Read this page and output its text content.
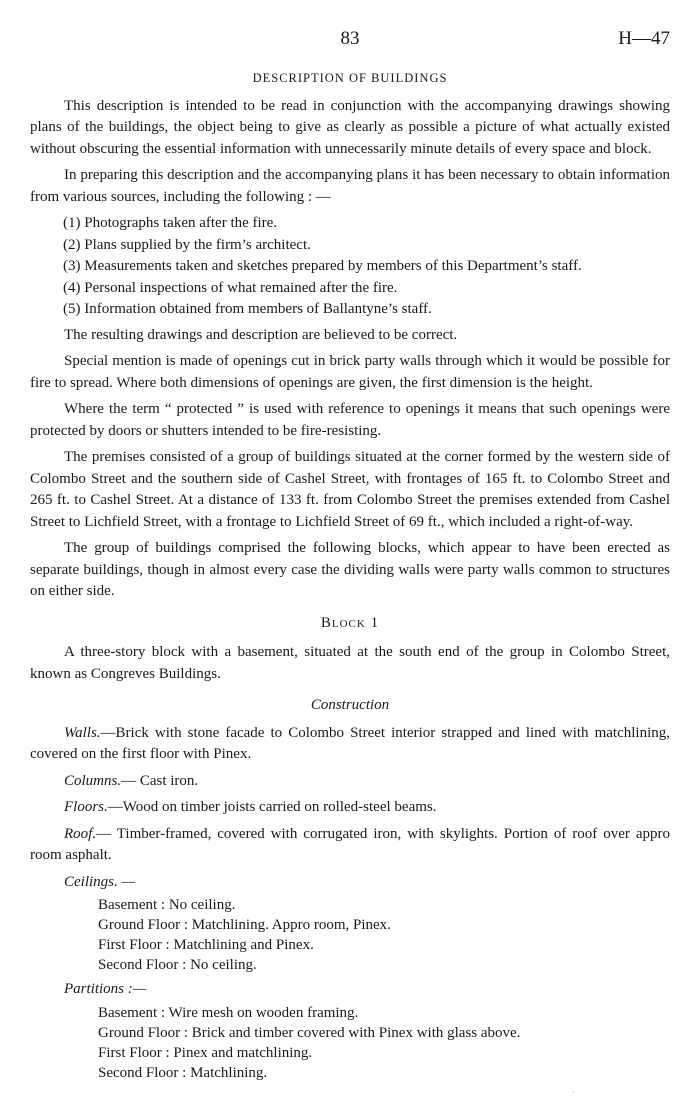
83	H—47
DESCRIPTION OF BUILDINGS

This description is intended to be read in conjunction with the accompanying drawings showing plans of the buildings, the object being to give as clearly as possible a picture of what actually existed without obscuring the essential information with unnecessarily minute details of every space and block.

In preparing this description and the accompanying plans it has been necessary to obtain information from various sources, including the following : —

(1) Photographs taken after the fire.
(2) Plans supplied by the firm’s architect.
(3) Measurements taken and sketches prepared by members of this Department’s staff.
(4) Personal inspections of what remained after the fire.
(5) Information obtained from members of Ballantyne’s staff.

The resulting drawings and description are believed to be correct.

Special mention is made of openings cut in brick party walls through which it would be possible for fire to spread. Where both dimensions of openings are given, the first dimension is the height.

Where the term “ protected ” is used with reference to openings it means that such openings were protected by doors or shutters intended to be fire-resisting.

The premises consisted of a group of buildings situated at the corner formed by the western side of Colombo Street and the southern side of Cashel Street, with frontages of 165 ft. to Colombo Street and 265 ft. to Cashel Street. At a distance of 133 ft. from Colombo Street the premises extended from Cashel Street to Lichfield Street, with a frontage to Lichfield Street of 69 ft., which included a right-of-way.

The group of buildings comprised the following blocks, which appear to have been erected as separate buildings, though in almost every case the dividing walls were party walls common to structures on either side.

Block 1

A three-story block with a basement, situated at the south end of the group in Colombo Street, known as Congreves Buildings.

Construction

Walls.—Brick with stone facade to Colombo Street interior strapped and lined with matchlining, covered on the first floor with Pinex.

Columns.— Cast iron.

Floors.—Wood on timber joists carried on rolled-steel beams.

Roof.— Timber-framed, covered with corrugated iron, with skylights. Portion of roof over appro room asphalt.

Ceilings. —

Basement : No ceiling.
Ground Floor : Matchlining. Appro room, Pinex.
First Floor : Matchlining and Pinex.
Second Floor : No ceiling.

Partitions :—

Basement : Wire mesh on wooden framing.
Ground Floor : Brick and timber covered with Pinex with glass above.
First Floor : Pinex and matchlining.
Second Floor : Matchlining.
·
